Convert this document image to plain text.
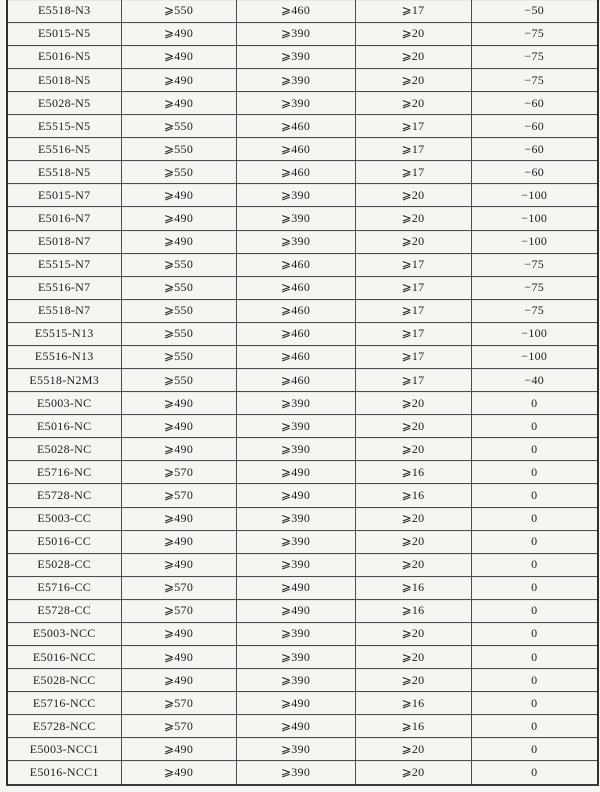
E5518-N3	⩾550	⩾460	⩾17	−50
E5015-N5	⩾490	⩾390	⩾20	−75
E5016-N5	⩾490	⩾390	⩾20	−75
E5018-N5	⩾490	⩾390	⩾20	−75
E5028-N5	⩾490	⩾390	⩾20	−60
E5515-N5	⩾550	⩾460	⩾17	−60
E5516-N5	⩾550	⩾460	⩾17	−60
E5518-N5	⩾550	⩾460	⩾17	−60
E5015-N7	⩾490	⩾390	⩾20	−100
E5016-N7	⩾490	⩾390	⩾20	−100
E5018-N7	⩾490	⩾390	⩾20	−100
E5515-N7	⩾550	⩾460	⩾17	−75
E5516-N7	⩾550	⩾460	⩾17	−75
E5518-N7	⩾550	⩾460	⩾17	−75
E5515-N13	⩾550	⩾460	⩾17	−100
E5516-N13	⩾550	⩾460	⩾17	−100
E5518-N2M3	⩾550	⩾460	⩾17	−40
E5003-NC	⩾490	⩾390	⩾20	0
E5016-NC	⩾490	⩾390	⩾20	0
E5028-NC	⩾490	⩾390	⩾20	0
E5716-NC	⩾570	⩾490	⩾16	0
E5728-NC	⩾570	⩾490	⩾16	0
E5003-CC	⩾490	⩾390	⩾20	0
E5016-CC	⩾490	⩾390	⩾20	0
E5028-CC	⩾490	⩾390	⩾20	0
E5716-CC	⩾570	⩾490	⩾16	0
E5728-CC	⩾570	⩾490	⩾16	0
E5003-NCC	⩾490	⩾390	⩾20	0
E5016-NCC	⩾490	⩾390	⩾20	0
E5028-NCC	⩾490	⩾390	⩾20	0
E5716-NCC	⩾570	⩾490	⩾16	0
E5728-NCC	⩾570	⩾490	⩾16	0
E5003-NCC1	⩾490	⩾390	⩾20	0
E5016-NCC1	⩾490	⩾390	⩾20	0
